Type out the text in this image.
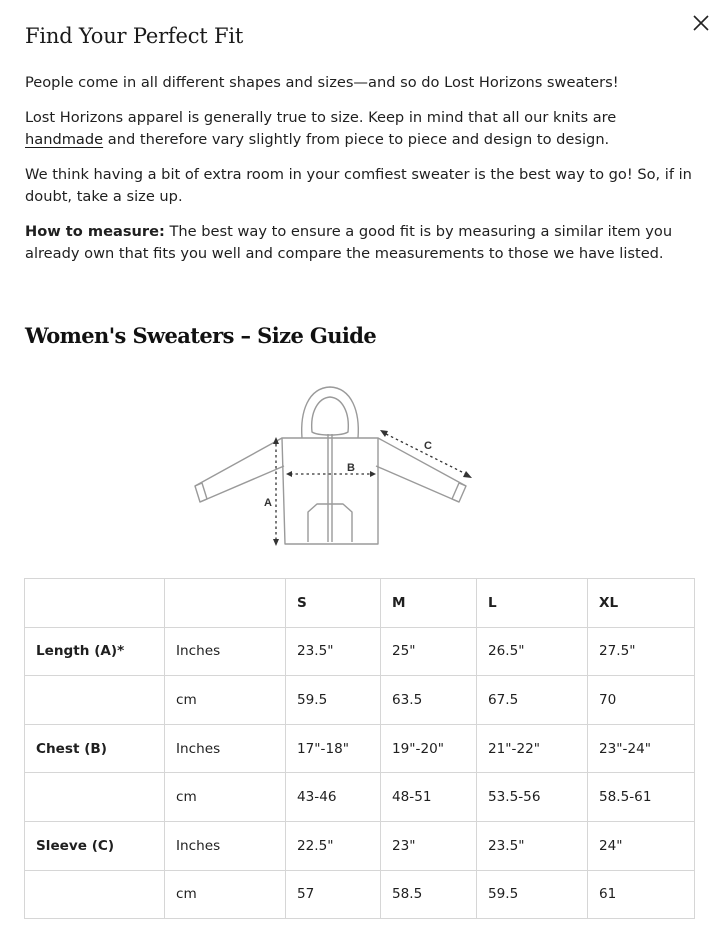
Find Your Perfect Fit

People come in all different shapes and sizes—and so do Lost Horizons sweaters!

Lost Horizons apparel is generally true to size. Keep in mind that all our knits are handmade and therefore vary slightly from piece to piece and design to design.

We think having a bit of extra room in your comfiest sweater is the best way to go! So, if in doubt, take a size up.

How to measure: The best way to ensure a good fit is by measuring a similar item you already own that fits you well and compare the measurements to those we have listed.

Women's Sweaters – Size Guide
A
B
C
		S	M	L	XL
Length (A)*	Inches	23.5"	25"	26.5"	27.5"
	cm	59.5	63.5	67.5	70
Chest (B)	Inches	17"-18"	19"-20"	21"-22"	23"-24"
	cm	43-46	48-51	53.5-56	58.5-61
Sleeve (C)	Inches	22.5"	23"	23.5"	24"
	cm	57	58.5	59.5	61
